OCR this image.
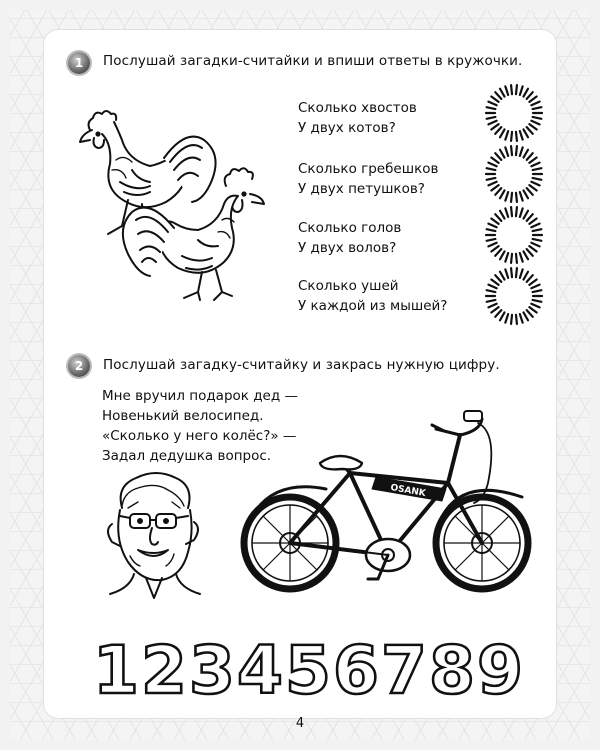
1	Послушай загадки-считайки и впиши ответы в кружочки.
Сколько хвостов
У двух котов?
Сколько гребешков
У двух петушков?
Сколько голов
У двух волов?
Сколько ушей
У каждой из мышей?
2	Послушай загадку-считайку и закрась нужную цифру.
Мне вручил подарок дед —
Новенький велосипед.
«Сколько у него колёс?» —
Задал дедушка вопрос.
OSANK
1 2 3 4 5 6 7 8 9
4
